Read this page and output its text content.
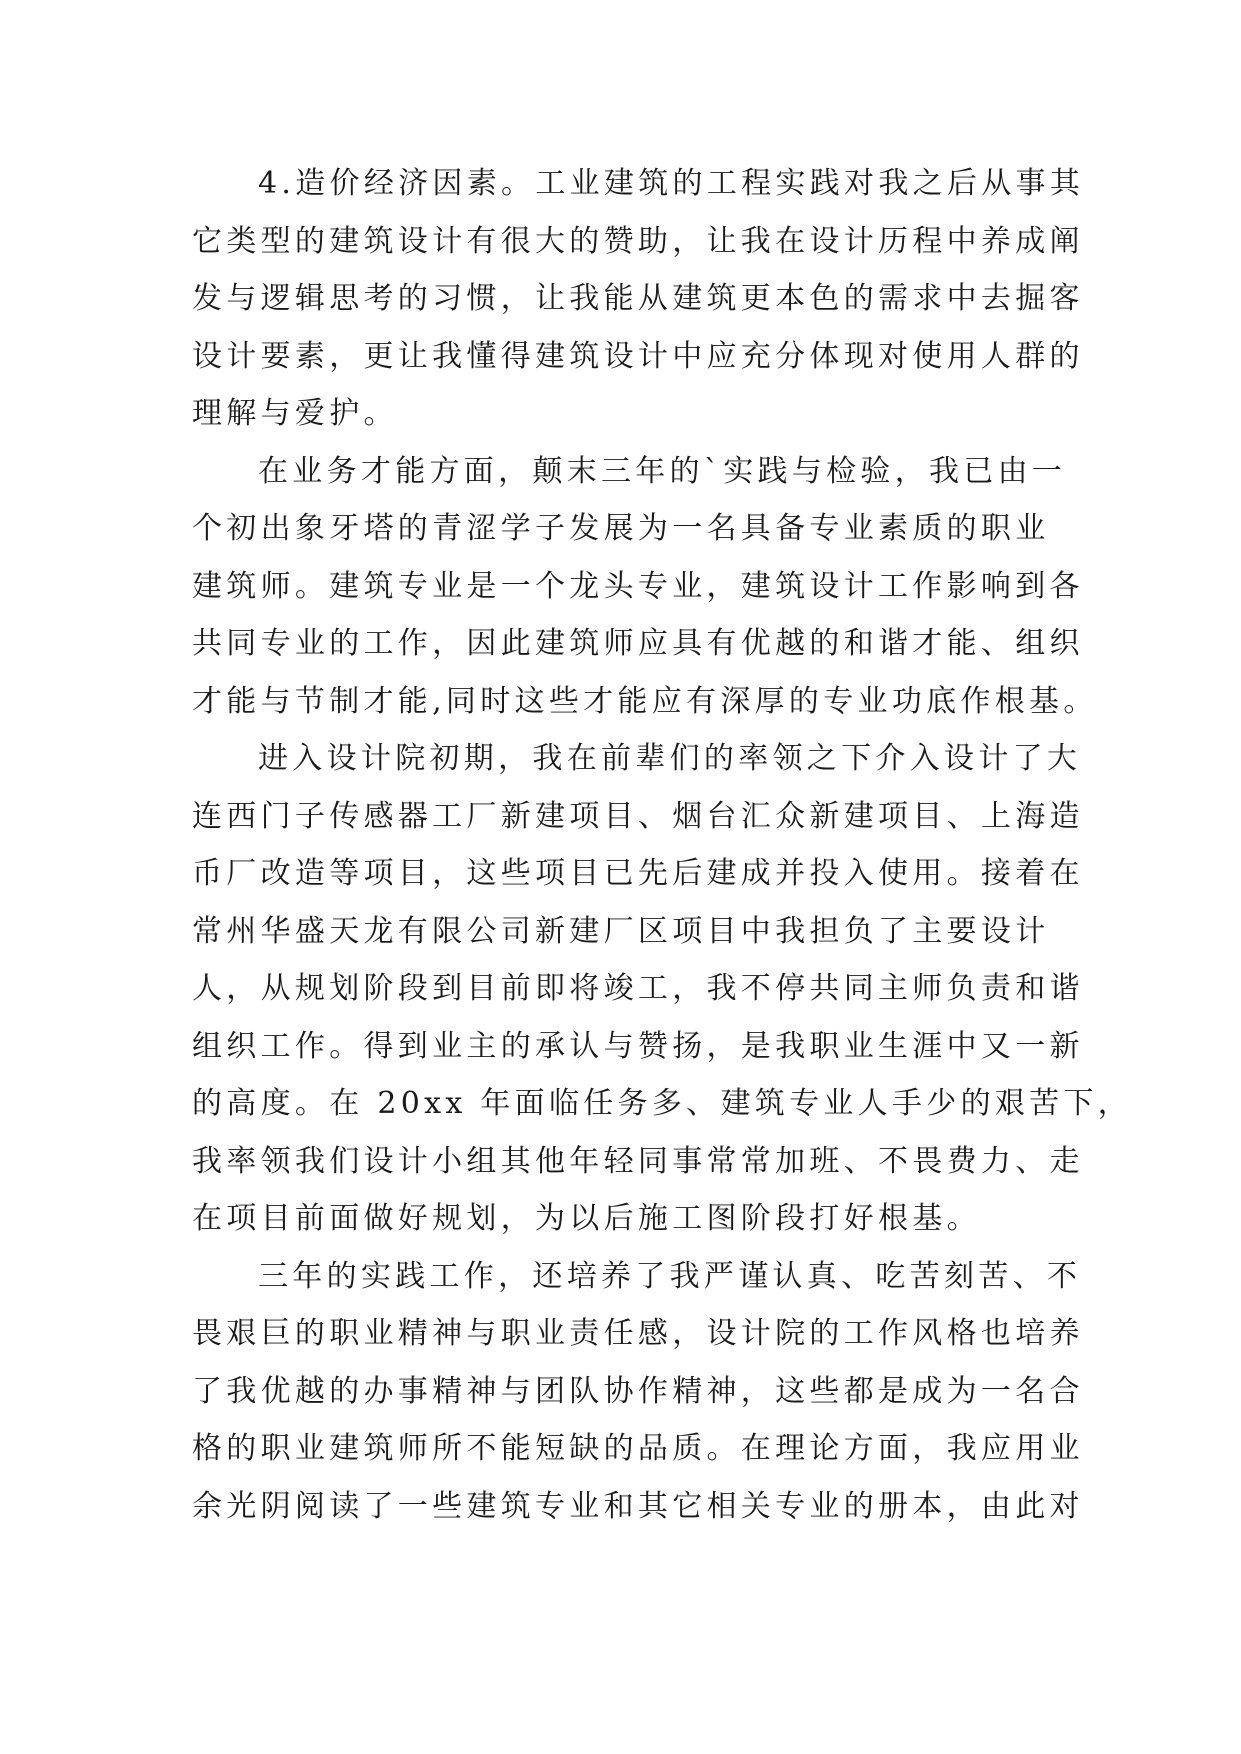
4.造价经济因素。工业建筑的工程实践对我之后从事其
它类型的建筑设计有很大的赞助，让我在设计历程中养成阐
发与逻辑思考的习惯，让我能从建筑更本色的需求中去掘客
设计要素，更让我懂得建筑设计中应充分体现对使用人群的
理解与爱护。
在业务才能方面，颠末三年的`实践与检验，我已由一
个初出象牙塔的青涩学子发展为一名具备专业素质的职业
建筑师。建筑专业是一个龙头专业，建筑设计工作影响到各
共同专业的工作，因此建筑师应具有优越的和谐才能、组织
才能与节制才能,同时这些才能应有深厚的专业功底作根基。
进入设计院初期，我在前辈们的率领之下介入设计了大
连西门子传感器工厂新建项目、烟台汇众新建项目、上海造
币厂改造等项目，这些项目已先后建成并投入使用。接着在
常州华盛天龙有限公司新建厂区项目中我担负了主要设计
人，从规划阶段到目前即将竣工，我不停共同主师负责和谐
组织工作。得到业主的承认与赞扬，是我职业生涯中又一新
的高度。在 20xx 年面临任务多、建筑专业人手少的艰苦下，
我率领我们设计小组其他年轻同事常常加班、不畏费力、走
在项目前面做好规划，为以后施工图阶段打好根基。
三年的实践工作，还培养了我严谨认真、吃苦刻苦、不
畏艰巨的职业精神与职业责任感，设计院的工作风格也培养
了我优越的办事精神与团队协作精神，这些都是成为一名合
格的职业建筑师所不能短缺的品质。在理论方面，我应用业
余光阴阅读了一些建筑专业和其它相关专业的册本，由此对
